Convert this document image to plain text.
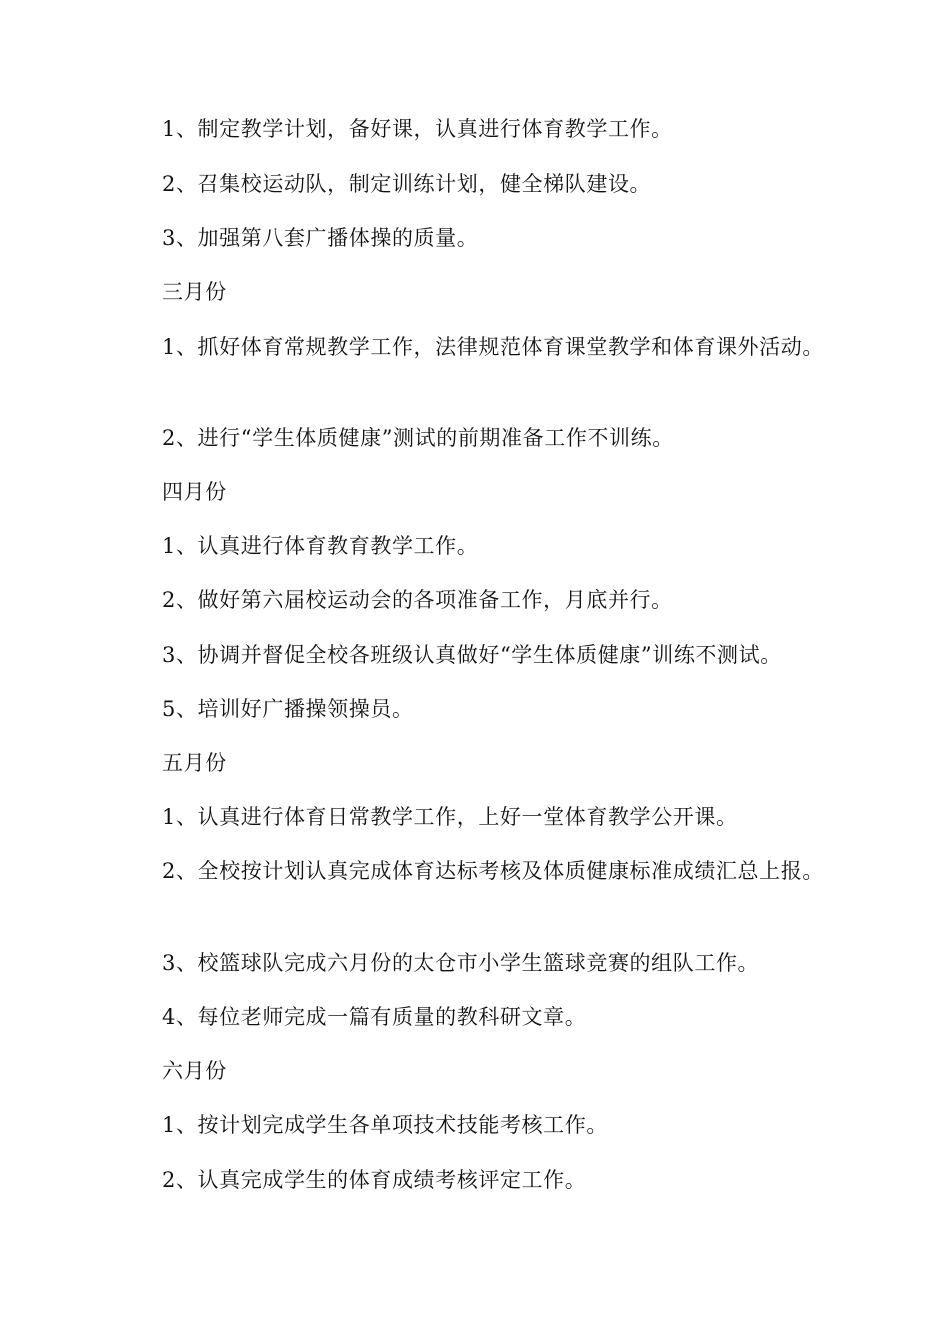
1、制定教学计划，备好课，认真进行体育教学工作。

2、召集校运动队，制定训练计划，健全梯队建设。

3、加强第八套广播体操的质量。

三月份

1、抓好体育常规教学工作，法律规范体育课堂教学和体育课外活动。

2、进行“学生体质健康”测试的前期准备工作不训练。

四月份

1、认真进行体育教育教学工作。

2、做好第六届校运动会的各项准备工作，月底并行。

3、协调并督促全校各班级认真做好“学生体质健康”训练不测试。

5、培训好广播操领操员。

五月份

1、认真进行体育日常教学工作，上好一堂体育教学公开课。

2、全校按计划认真完成体育达标考核及体质健康标准成绩汇总上报。

3、校篮球队完成六月份的太仓市小学生篮球竞赛的组队工作。

4、每位老师完成一篇有质量的教科研文章。

六月份

1、按计划完成学生各单项技术技能考核工作。

2、认真完成学生的体育成绩考核评定工作。
